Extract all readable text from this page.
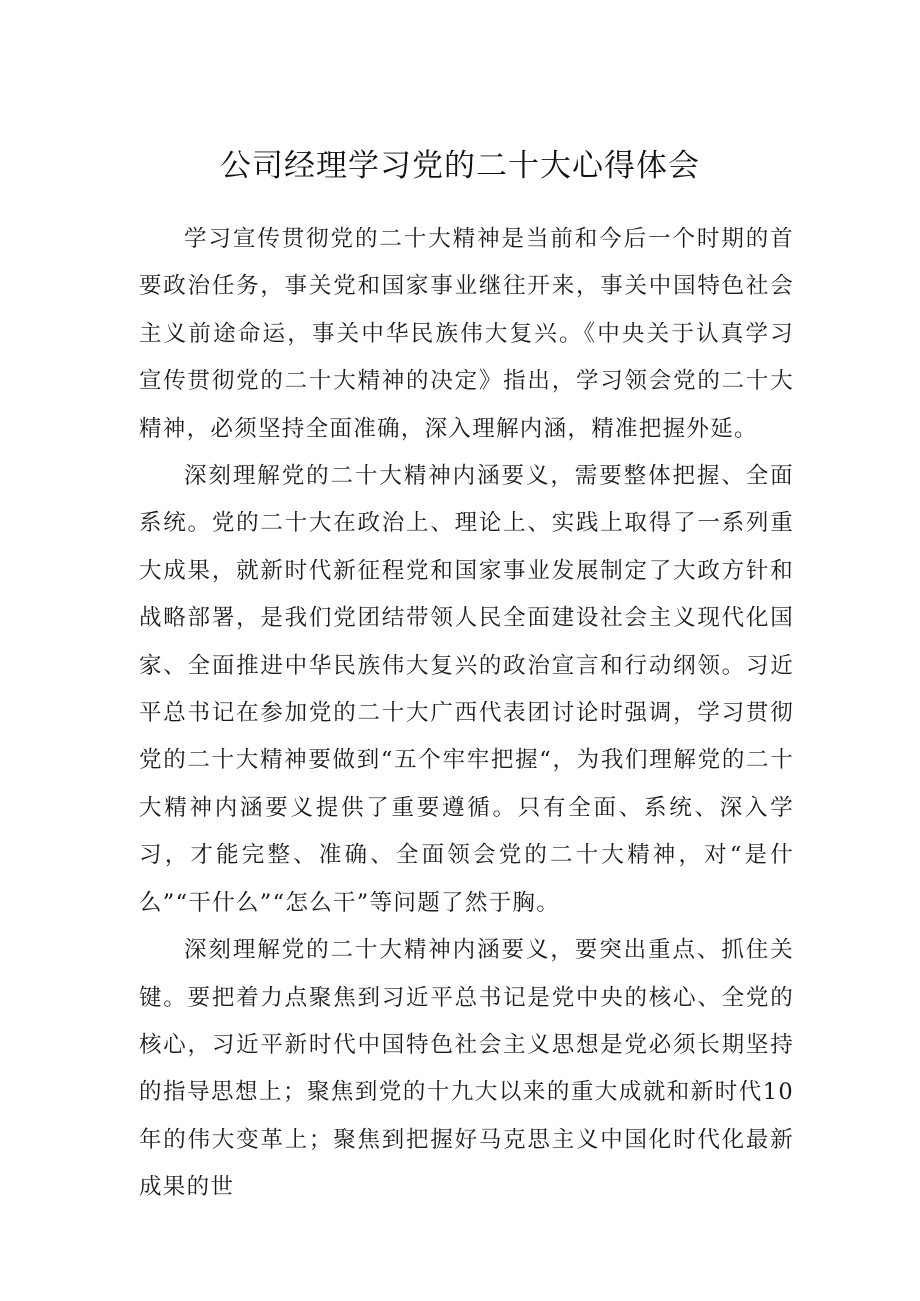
公司经理学习党的二十大心得体会

学习宣传贯彻党的二十大精神是当前和今后一个时期的首要政治任务，事关党和国家事业继往开来，事关中国特色社会主义前途命运，事关中华民族伟大复兴。《中央关于认真学习宣传贯彻党的二十大精神的决定》指出，学习领会党的二十大精神，必须坚持全面准确，深入理解内涵，精准把握外延。

深刻理解党的二十大精神内涵要义，需要整体把握、全面系统。党的二十大在政治上、理论上、实践上取得了一系列重大成果，就新时代新征程党和国家事业发展制定了大政方针和战略部署，是我们党团结带领人民全面建设社会主义现代化国家、全面推进中华民族伟大复兴的政治宣言和行动纲领。习近平总书记在参加党的二十大广西代表团讨论时强调，学习贯彻党的二十大精神要做到“五个牢牢把握“，为我们理解党的二十大精神内涵要义提供了重要遵循。只有全面、系统、深入学习，才能完整、准确、全面领会党的二十大精神，对“是什么”“干什么”“怎么干”等问题了然于胸。

深刻理解党的二十大精神内涵要义，要突出重点、抓住关键。要把着力点聚焦到习近平总书记是党中央的核心、全党的核心，习近平新时代中国特色社会主义思想是党必须长期坚持的指导思想上；聚焦到党的十九大以来的重大成就和新时代10年的伟大变革上；聚焦到把握好马克思主义中国化时代化最新成果的世
